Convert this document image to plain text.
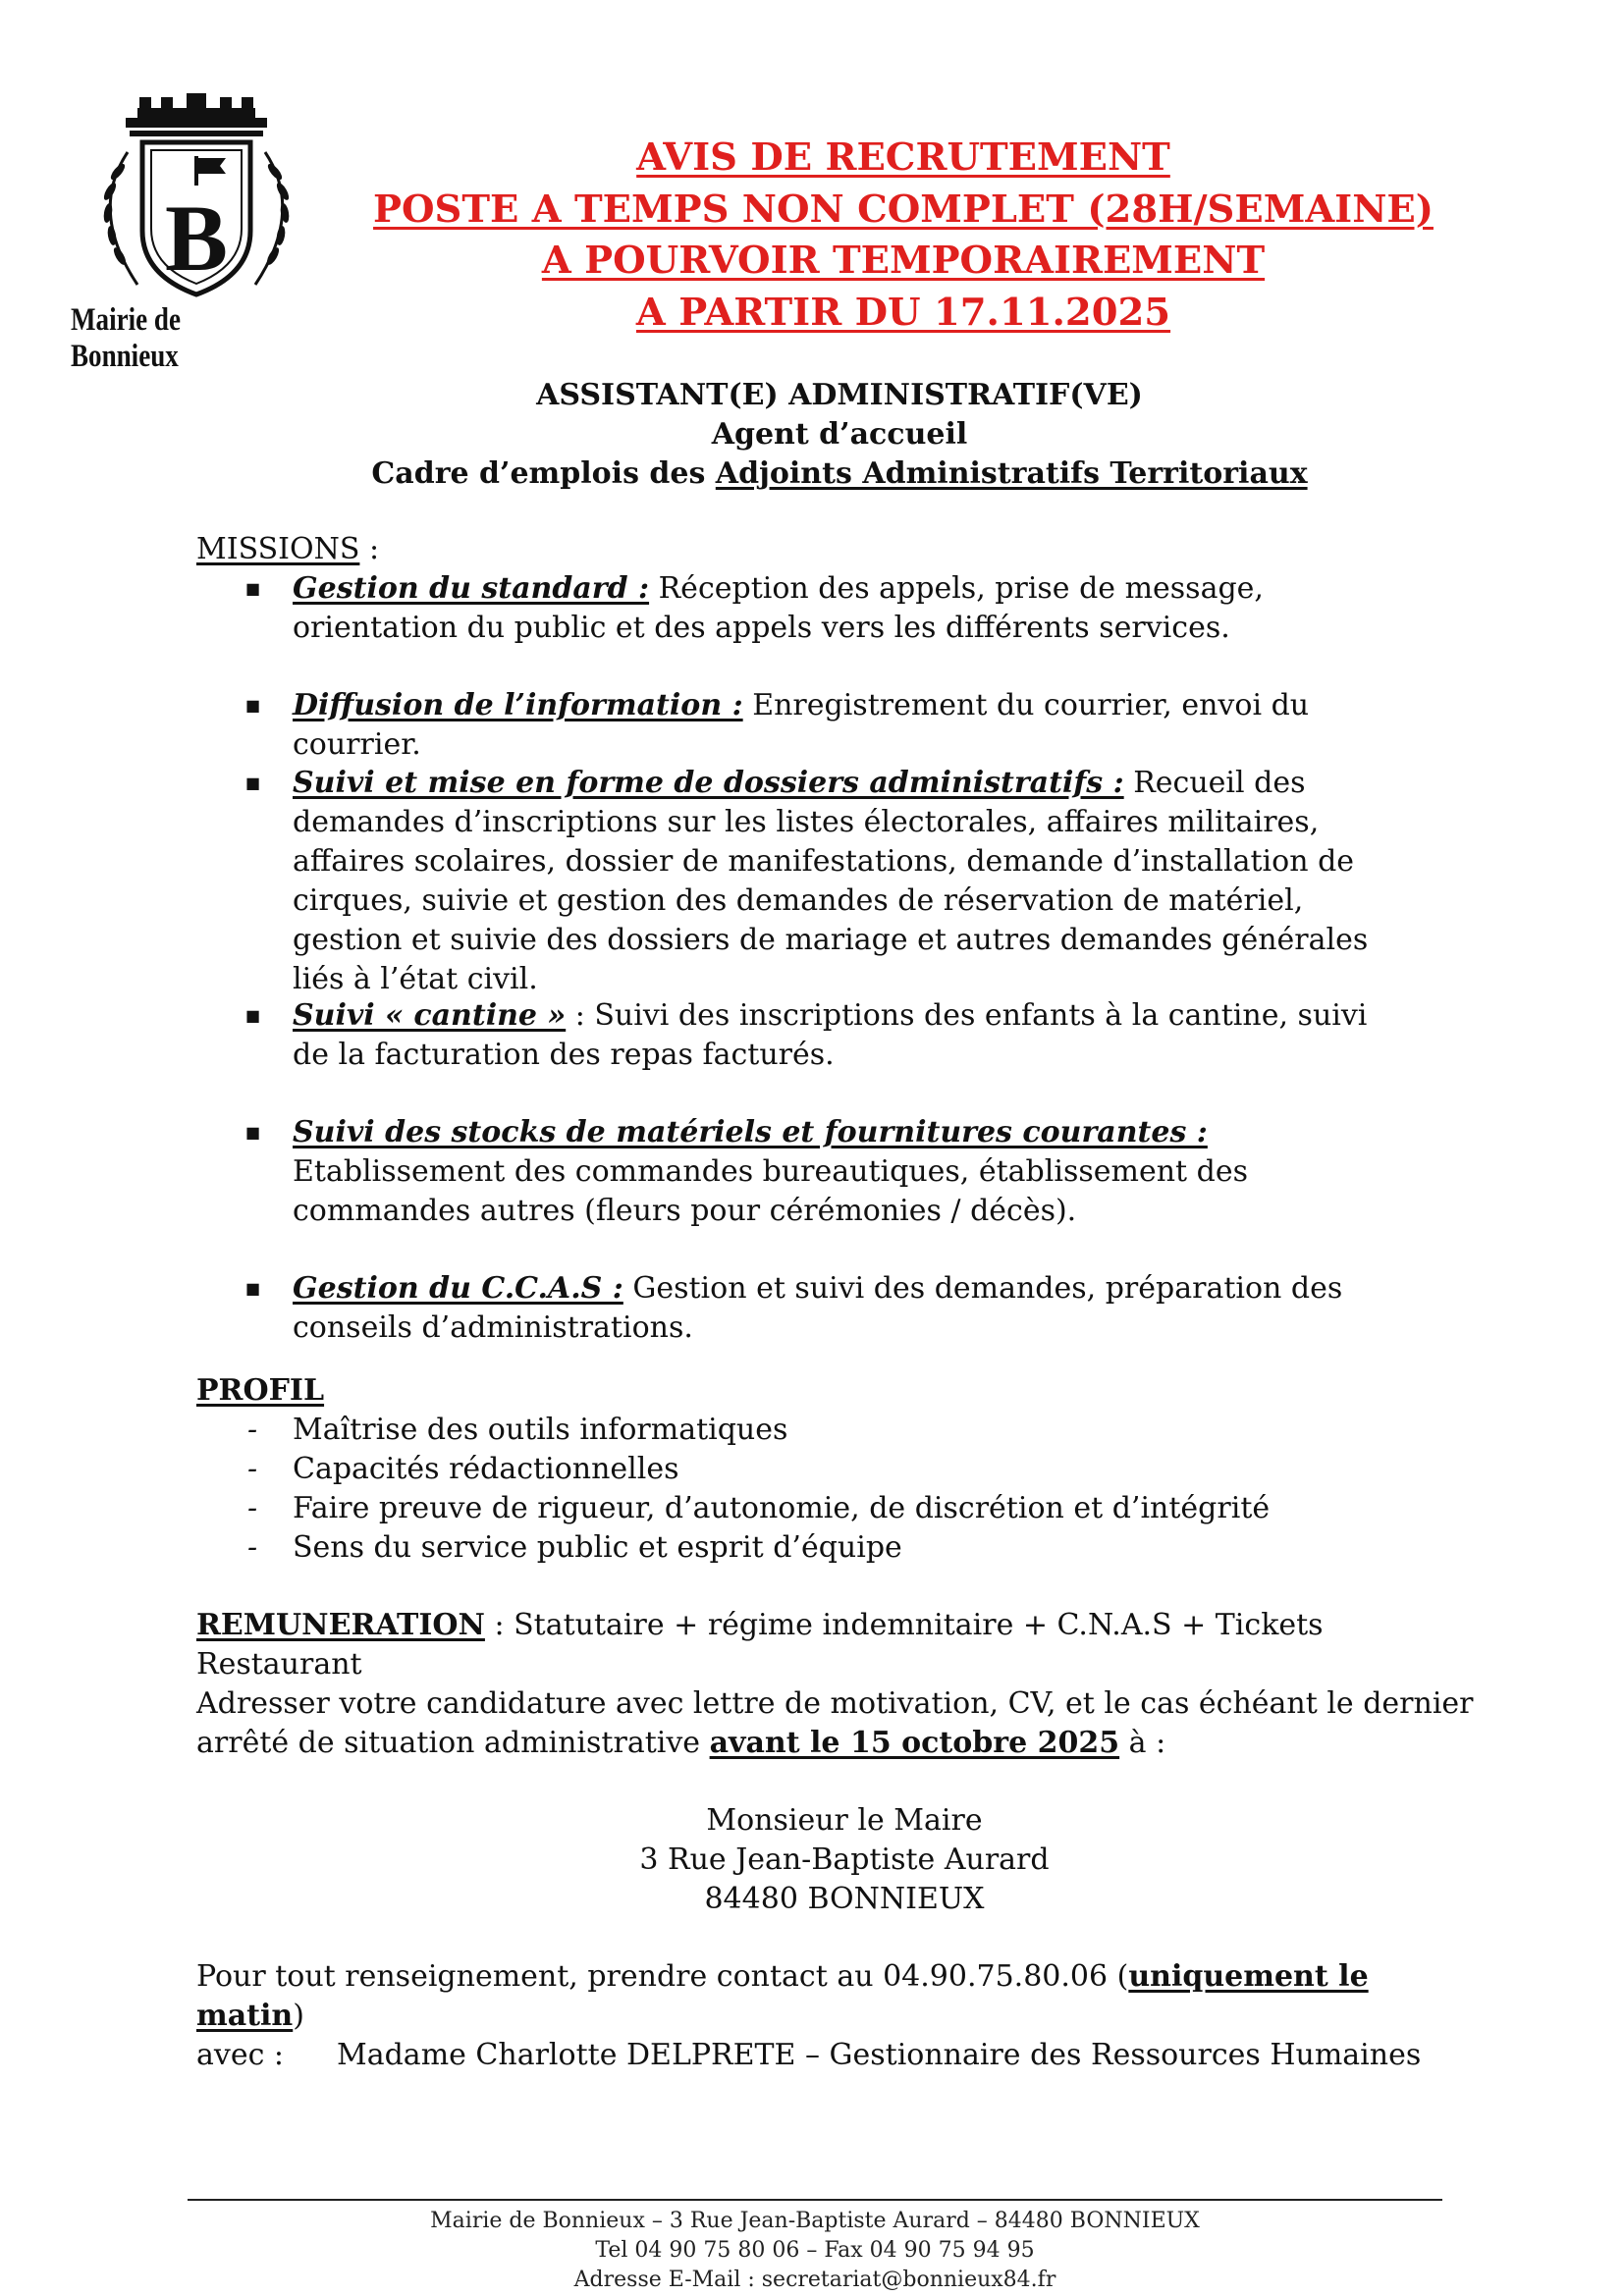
B
Mairie de Bonnieux
AVIS DE RECRUTEMENT
POSTE A TEMPS NON COMPLET (28H/SEMAINE)
A POURVOIR TEMPORAIREMENT
A PARTIR DU 17.11.2025
ASSISTANT(E) ADMINISTRATIF(VE)
Agent d’accueil
Cadre d’emplois des Adjoints Administratifs Territoriaux
MISSIONS :
■ Gestion du standard : Réception des appels, prise de message, orientation du public et des appels vers les différents services.
■ Diffusion de l’information : Enregistrement du courrier, envoi du courrier.
■ Suivi et mise en forme de dossiers administratifs : Recueil des demandes d’inscriptions sur les listes électorales, affaires militaires, affaires scolaires, dossier de manifestations, demande d’installation de cirques, suivie et gestion des demandes de réservation de matériel, gestion et suivie des dossiers de mariage et autres demandes générales liés à l’état civil.
■ Suivi « cantine » : Suivi des inscriptions des enfants à la cantine, suivi de la facturation des repas facturés.
■ Suivi des stocks de matériels et fournitures courantes : Etablissement des commandes bureautiques, établissement des commandes autres (fleurs pour cérémonies / décès).
■ Gestion du C.C.A.S : Gestion et suivi des demandes, préparation des conseils d’administrations.
PROFIL
- Maîtrise des outils informatiques
- Capacités rédactionnelles
- Faire preuve de rigueur, d’autonomie, de discrétion et d’intégrité
- Sens du service public et esprit d’équipe
REMUNERATION : Statutaire + régime indemnitaire + C.N.A.S + Tickets Restaurant
Adresser votre candidature avec lettre de motivation, CV, et le cas échéant le dernier arrêté de situation administrative avant le 15 octobre 2025 à :
Monsieur le Maire
3 Rue Jean-Baptiste Aurard
84480 BONNIEUX
Pour tout renseignement, prendre contact au 04.90.75.80.06 (uniquement le matin)
avec :	Madame Charlotte DELPRETE – Gestionnaire des Ressources Humaines
Mairie de Bonnieux – 3 Rue Jean-Baptiste Aurard – 84480 BONNIEUX
Tel 04 90 75 80 06 – Fax 04 90 75 94 95
Adresse E-Mail : secretariat@bonnieux84.fr
